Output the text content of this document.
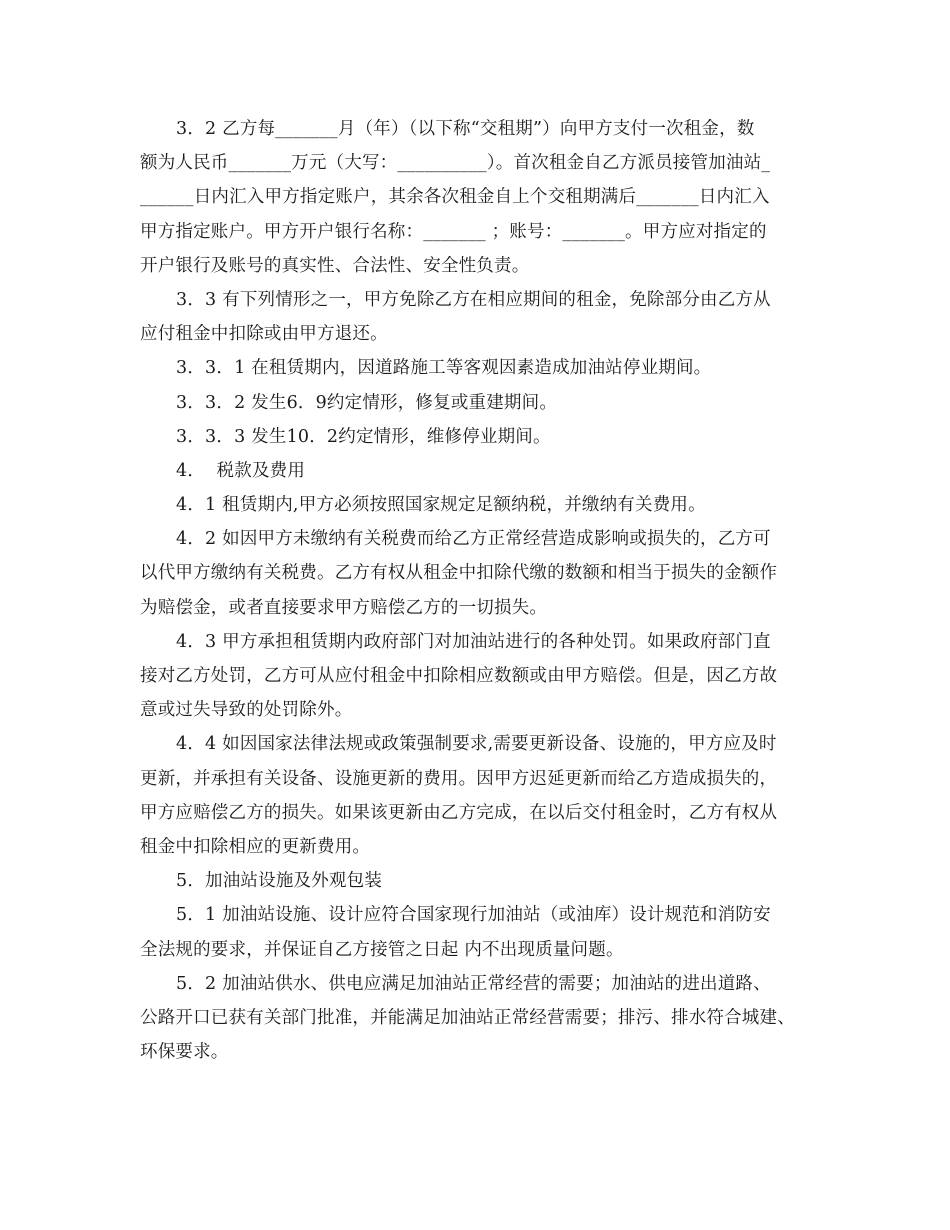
3．2 乙方每_______月（年）（以下称“交租期”）向甲方支付一次租金，数
额为人民币_______万元（大写：__________）。首次租金自乙方派员接管加油站_
______日内汇入甲方指定账户，其余各次租金自上个交租期满后_______日内汇入
甲方指定账户。甲方开户银行名称：_______ ；账号：_______。甲方应对指定的
开户银行及账号的真实性、合法性、安全性负责。
3．3 有下列情形之一，甲方免除乙方在相应期间的租金，免除部分由乙方从
应付租金中扣除或由甲方退还。
3．3．1 在租赁期内，因道路施工等客观因素造成加油站停业期间。
3．3．2 发生6．9约定情形，修复或重建期间。
3．3．3 发生10．2约定情形，维修停业期间。
4．  税款及费用
4．1 租赁期内,甲方必须按照国家规定足额纳税，并缴纳有关费用。
4．2 如因甲方未缴纳有关税费而给乙方正常经营造成影响或损失的，乙方可
以代甲方缴纳有关税费。乙方有权从租金中扣除代缴的数额和相当于损失的金额作
为赔偿金，或者直接要求甲方赔偿乙方的一切损失。
4．3 甲方承担租赁期内政府部门对加油站进行的各种处罚。如果政府部门直
接对乙方处罚，乙方可从应付租金中扣除相应数额或由甲方赔偿。但是，因乙方故
意或过失导致的处罚除外。
4．4 如因国家法律法规或政策强制要求,需要更新设备、设施的，甲方应及时
更新，并承担有关设备、设施更新的费用。因甲方迟延更新而给乙方造成损失的，
甲方应赔偿乙方的损失。如果该更新由乙方完成，在以后交付租金时，乙方有权从
租金中扣除相应的更新费用。
5．加油站设施及外观包装
5．1 加油站设施、设计应符合国家现行加油站（或油库）设计规范和消防安
全法规的要求，并保证自乙方接管之日起 内不出现质量问题。
5．2 加油站供水、供电应满足加油站正常经营的需要；加油站的进出道路、
公路开口已获有关部门批准，并能满足加油站正常经营需要；排污、排水符合城建、
环保要求。
